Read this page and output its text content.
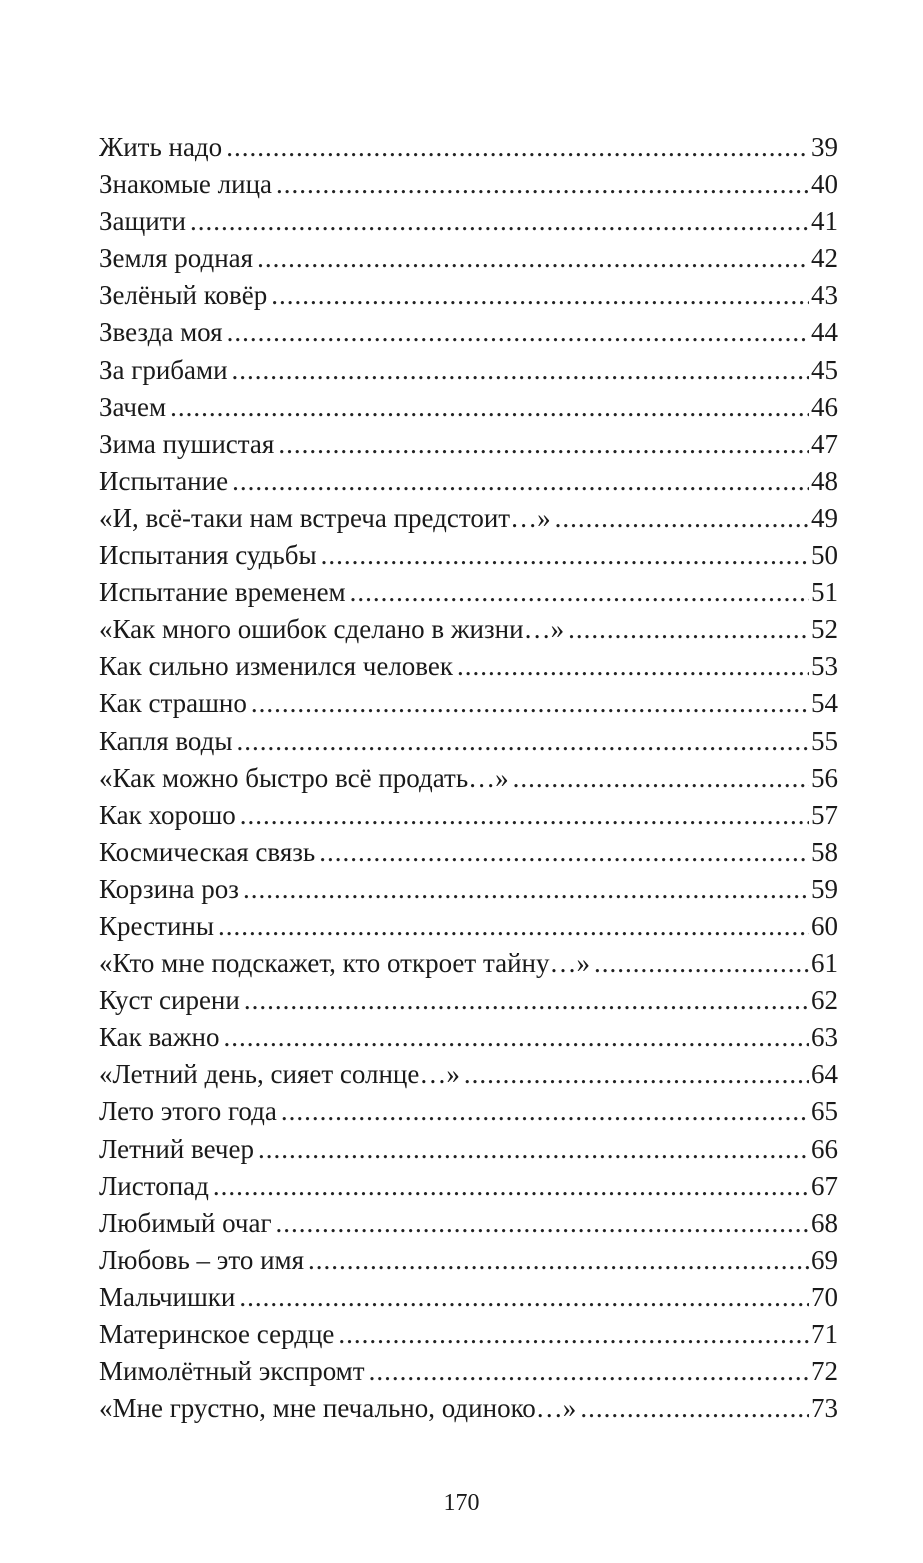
Жить надо .....	39
Знакомые лица .....	40
Защити .....	41
Земля родная .....	42
Зелёный ковёр .....	43
Звезда моя .....	44
За грибами .....	45
Зачем .....	46
Зима пушистая .....	47
Испытание .....	48
«И, всё-таки нам встреча предстоит…» .....	49
Испытания судьбы .....	50
Испытание временем .....	51
«Как много ошибок сделано в жизни…» .....	52
Как сильно изменился человек .....	53
Как страшно .....	54
Капля воды .....	55
«Как можно быстро всё продать…» .....	56
Как хорошо .....	57
Космическая связь .....	58
Корзина роз .....	59
Крестины .....	60
«Кто мне подскажет, кто откроет тайну…» .....	61
Куст сирени .....	62
Как важно .....	63
«Летний день, сияет солнце…» .....	64
Лето этого года .....	65
Летний вечер .....	66
Листопад .....	67
Любимый очаг .....	68
Любовь – это имя .....	69
Мальчишки .....	70
Материнское сердце .....	71
Мимолётный экспромт .....	72
«Мне грустно, мне печально, одиноко…» .....	73
170
